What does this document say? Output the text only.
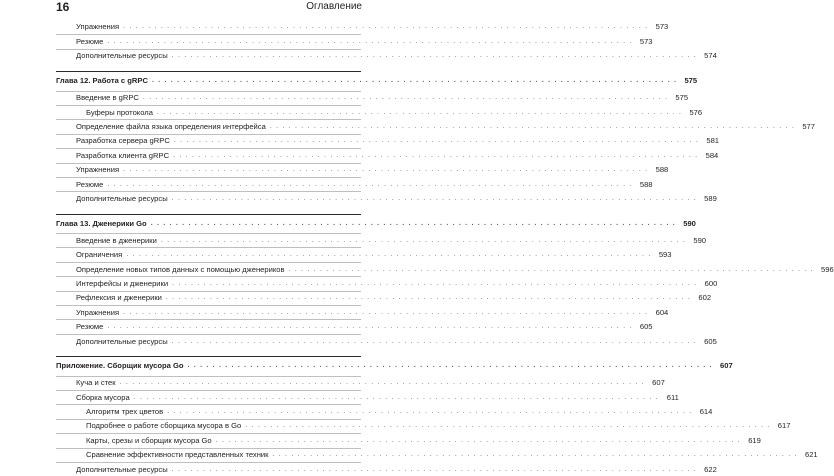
16	Оглавление
Упражнения . . . . . . . . . . . . . . . . . . . . . . . . . . . . . . . . . . . . . . . . . . . . . . . . . . . . . . . . . . . . . . . . . . . . . . . . . . . . . . . . . . . . 573
Резюме . . . . . . . . . . . . . . . . . . . . . . . . . . . . . . . . . . . . . . . . . . . . . . . . . . . . . . . . . . . . . . . . . . . . . . . . . . . . . . . . . . . . 573
Дополнительные ресурсы . . . . . . . . . . . . . . . . . . . . . . . . . . . . . . . . . . . . . . . . . . . . . . . . . . . . . . . . . . . . . . . . . . . . . . . . . . . . . . . . . . . . 574
Глава 12. Работа с gRPC . . . . . . . . . . . . . . . . . . . . . . . . . . . . . . . . . . . . . . . . . . . . . . . . . . . . . . . . . . . . . . . . . . . . . . . . . . . . . . . . . . . . 575
Введение в gRPC . . . . . . . . . . . . . . . . . . . . . . . . . . . . . . . . . . . . . . . . . . . . . . . . . . . . . . . . . . . . . . . . . . . . . . . . . . . . . . . . . . . . 575
Буферы протокола . . . . . . . . . . . . . . . . . . . . . . . . . . . . . . . . . . . . . . . . . . . . . . . . . . . . . . . . . . . . . . . . . . . . . . . . . . . . . . . . . . . . 576
Определение файла языка определения интерфейса . . . . . . . . . . . . . . . . . . . . . . . . . . . . . . . . . . . . . . . . . . . . . . . . . . . . . . . . . . . . . . . . . . . . . . . . . . . . . . . . . . . . 577
Разработка сервера gRPC . . . . . . . . . . . . . . . . . . . . . . . . . . . . . . . . . . . . . . . . . . . . . . . . . . . . . . . . . . . . . . . . . . . . . . . . . . . . . . . . . . . . 581
Разработка клиента gRPC . . . . . . . . . . . . . . . . . . . . . . . . . . . . . . . . . . . . . . . . . . . . . . . . . . . . . . . . . . . . . . . . . . . . . . . . . . . . . . . . . . . . 584
Упражнения . . . . . . . . . . . . . . . . . . . . . . . . . . . . . . . . . . . . . . . . . . . . . . . . . . . . . . . . . . . . . . . . . . . . . . . . . . . . . . . . . . . . 588
Резюме . . . . . . . . . . . . . . . . . . . . . . . . . . . . . . . . . . . . . . . . . . . . . . . . . . . . . . . . . . . . . . . . . . . . . . . . . . . . . . . . . . . . 588
Дополнительные ресурсы . . . . . . . . . . . . . . . . . . . . . . . . . . . . . . . . . . . . . . . . . . . . . . . . . . . . . . . . . . . . . . . . . . . . . . . . . . . . . . . . . . . . 589
Глава 13. Дженерики Go . . . . . . . . . . . . . . . . . . . . . . . . . . . . . . . . . . . . . . . . . . . . . . . . . . . . . . . . . . . . . . . . . . . . . . . . . . . . . . . . . . . . 590
Введение в дженерики . . . . . . . . . . . . . . . . . . . . . . . . . . . . . . . . . . . . . . . . . . . . . . . . . . . . . . . . . . . . . . . . . . . . . . . . . . . . . . . . . . . . 590
Ограничения . . . . . . . . . . . . . . . . . . . . . . . . . . . . . . . . . . . . . . . . . . . . . . . . . . . . . . . . . . . . . . . . . . . . . . . . . . . . . . . . . . . . 593
Определение новых типов данных с помощью дженериков . . . . . . . . . . . . . . . . . . . . . . . . . . . . . . . . . . . . . . . . . . . . . . . . . . . . . . . . . . . . . . . . . . . . . . . . . . . . . . . . . . . . 596
Интерфейсы и дженерики . . . . . . . . . . . . . . . . . . . . . . . . . . . . . . . . . . . . . . . . . . . . . . . . . . . . . . . . . . . . . . . . . . . . . . . . . . . . . . . . . . . . 600
Рефлексия и дженерики . . . . . . . . . . . . . . . . . . . . . . . . . . . . . . . . . . . . . . . . . . . . . . . . . . . . . . . . . . . . . . . . . . . . . . . . . . . . . . . . . . . . 602
Упражнения . . . . . . . . . . . . . . . . . . . . . . . . . . . . . . . . . . . . . . . . . . . . . . . . . . . . . . . . . . . . . . . . . . . . . . . . . . . . . . . . . . . . 604
Резюме . . . . . . . . . . . . . . . . . . . . . . . . . . . . . . . . . . . . . . . . . . . . . . . . . . . . . . . . . . . . . . . . . . . . . . . . . . . . . . . . . . . . 605
Дополнительные ресурсы . . . . . . . . . . . . . . . . . . . . . . . . . . . . . . . . . . . . . . . . . . . . . . . . . . . . . . . . . . . . . . . . . . . . . . . . . . . . . . . . . . . . 605
Приложение. Сборщик мусора Go . . . . . . . . . . . . . . . . . . . . . . . . . . . . . . . . . . . . . . . . . . . . . . . . . . . . . . . . . . . . . . . . . . . . . . . . . . . . . . . . . . . . 607
Куча и стек . . . . . . . . . . . . . . . . . . . . . . . . . . . . . . . . . . . . . . . . . . . . . . . . . . . . . . . . . . . . . . . . . . . . . . . . . . . . . . . . . . . . 607
Сборка мусора . . . . . . . . . . . . . . . . . . . . . . . . . . . . . . . . . . . . . . . . . . . . . . . . . . . . . . . . . . . . . . . . . . . . . . . . . . . . . . . . . . . .	611
Алгоритм трех цветов . . . . . . . . . . . . . . . . . . . . . . . . . . . . . . . . . . . . . . . . . . . . . . . . . . . . . . . . . . . . . . . . . . . . . . . . . . . . . . . . . . . . 614
Подробнее о работе сборщика мусора в Go . . . . . . . . . . . . . . . . . . . . . . . . . . . . . . . . . . . . . . . . . . . . . . . . . . . . . . . . . . . . . . . . . . . . . . . . . . . . . . . . . . . . 617
Карты, срезы и сборщик мусора Go . . . . . . . . . . . . . . . . . . . . . . . . . . . . . . . . . . . . . . . . . . . . . . . . . . . . . . . . . . . . . . . . . . . . . . . . . . . . . . . . . . . . 619
Сравнение эффективности представленных техник . . . . . . . . . . . . . . . . . . . . . . . . . . . . . . . . . . . . . . . . . . . . . . . . . . . . . . . . . . . . . . . . . . . . . . . . . . . . . . . . . . . . 621
Дополнительные ресурсы . . . . . . . . . . . . . . . . . . . . . . . . . . . . . . . . . . . . . . . . . . . . . . . . . . . . . . . . . . . . . . . . . . . . . . . . . . . . . . . . . . . . 622
